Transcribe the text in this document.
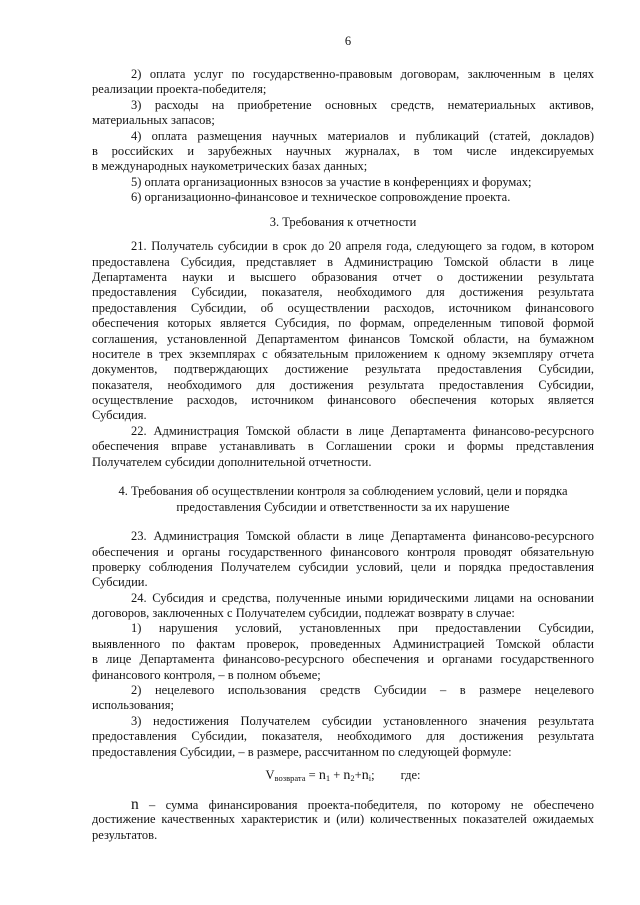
6
2) оплата услуг по государственно-правовым договорам, заключенным в целях
реализации проекта-победителя;
3) расходы на приобретение основных средств, нематериальных активов,
материальных запасов;
4) оплата размещения научных материалов и публикаций (статей, докладов)
в российских и зарубежных научных журналах, в том числе индексируемых
в международных наукометрических базах данных;
5) оплата организационных взносов за участие в конференциях и форумах;
6) организационно-финансовое и техническое сопровождение проекта.
3. Требования к отчетности
21. Получатель субсидии в срок до 20 апреля года, следующего за годом, в котором
предоставлена Субсидия, представляет в Администрацию Томской области в лице
Департамента науки и высшего образования отчет о достижении результата
предоставления Субсидии, показателя, необходимого для достижения результата
предоставления Субсидии, об осуществлении расходов, источником финансового
обеспечения которых является Субсидия, по формам, определенным типовой формой
соглашения, установленной Департаментом финансов Томской области, на бумажном
носителе в трех экземплярах с обязательным приложением к одному экземпляру отчета
документов, подтверждающих достижение результата предоставления Субсидии,
показателя, необходимого для достижения результата предоставления Субсидии,
осуществление расходов, источником финансового обеспечения которых является
Субсидия.
22. Администрация Томской области в лице Департамента финансово-ресурсного
обеспечения вправе устанавливать в Соглашении сроки и формы представления
Получателем субсидии дополнительной отчетности.
4. Требования об осуществлении контроля за соблюдением условий, цели и порядка
предоставления Субсидии и ответственности за их нарушение
23. Администрация Томской области в лице Департамента финансово-ресурсного
обеспечения и органы государственного финансового контроля проводят обязательную
проверку соблюдения Получателем субсидии условий, цели и порядка предоставления
Субсидии.
24. Субсидия и средства, полученные иными юридическими лицами на основании
договоров, заключенных с Получателем субсидии, подлежат возврату в случае:
1) нарушения условий, установленных при предоставлении Субсидии,
выявленного по фактам проверок, проведенных Администрацией Томской области
в лице Департамента финансово-ресурсного обеспечения и органами государственного
финансового контроля, – в полном объеме;
2) нецелевого использования средств Субсидии – в размере нецелевого
использования;
3) недостижения Получателем субсидии установленного значения результата
предоставления Субсидии, показателя, необходимого для достижения результата
предоставления Субсидии, – в размере, рассчитанном по следующей формуле:
$V_{возврата} = n_1 + n_2+n_i$; где:
n – сумма финансирования проекта-победителя, по которому не обеспечено
достижение качественных характеристик и (или) количественных показателей ожидаемых
результатов.
